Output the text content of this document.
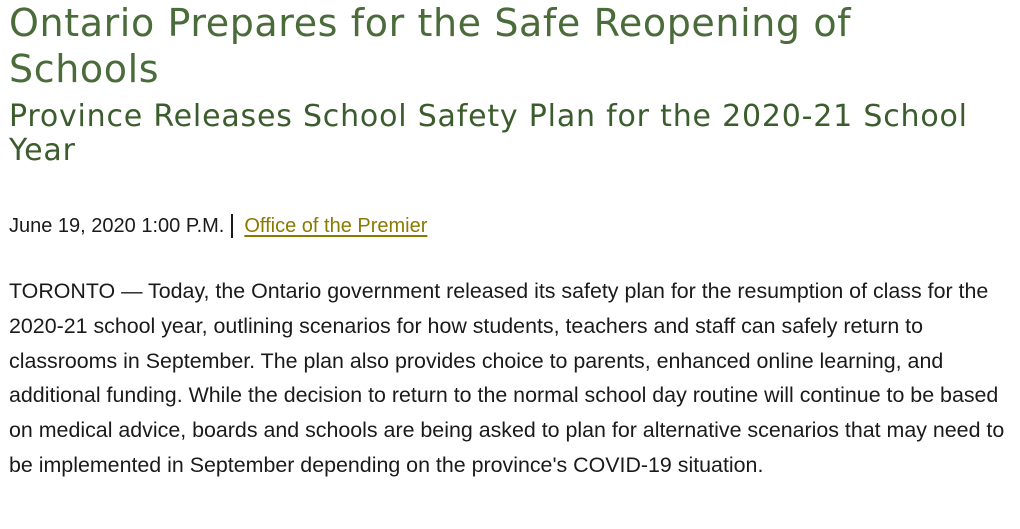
Ontario Prepares for the Safe Reopening of Schools
Province Releases School Safety Plan for the 2020-21 School Year
June 19, 2020 1:00 P.M. Office of the Premier

TORONTO — Today, the Ontario government released its safety plan for the resumption of class for the 2020-21 school year, outlining scenarios for how students, teachers and staff can safely return to classrooms in September. The plan also provides choice to parents, enhanced online learning, and additional funding. While the decision to return to the normal school day routine will continue to be based on medical advice, boards and schools are being asked to plan for alternative scenarios that may need to be implemented in September depending on the province's COVID-19 situation.
